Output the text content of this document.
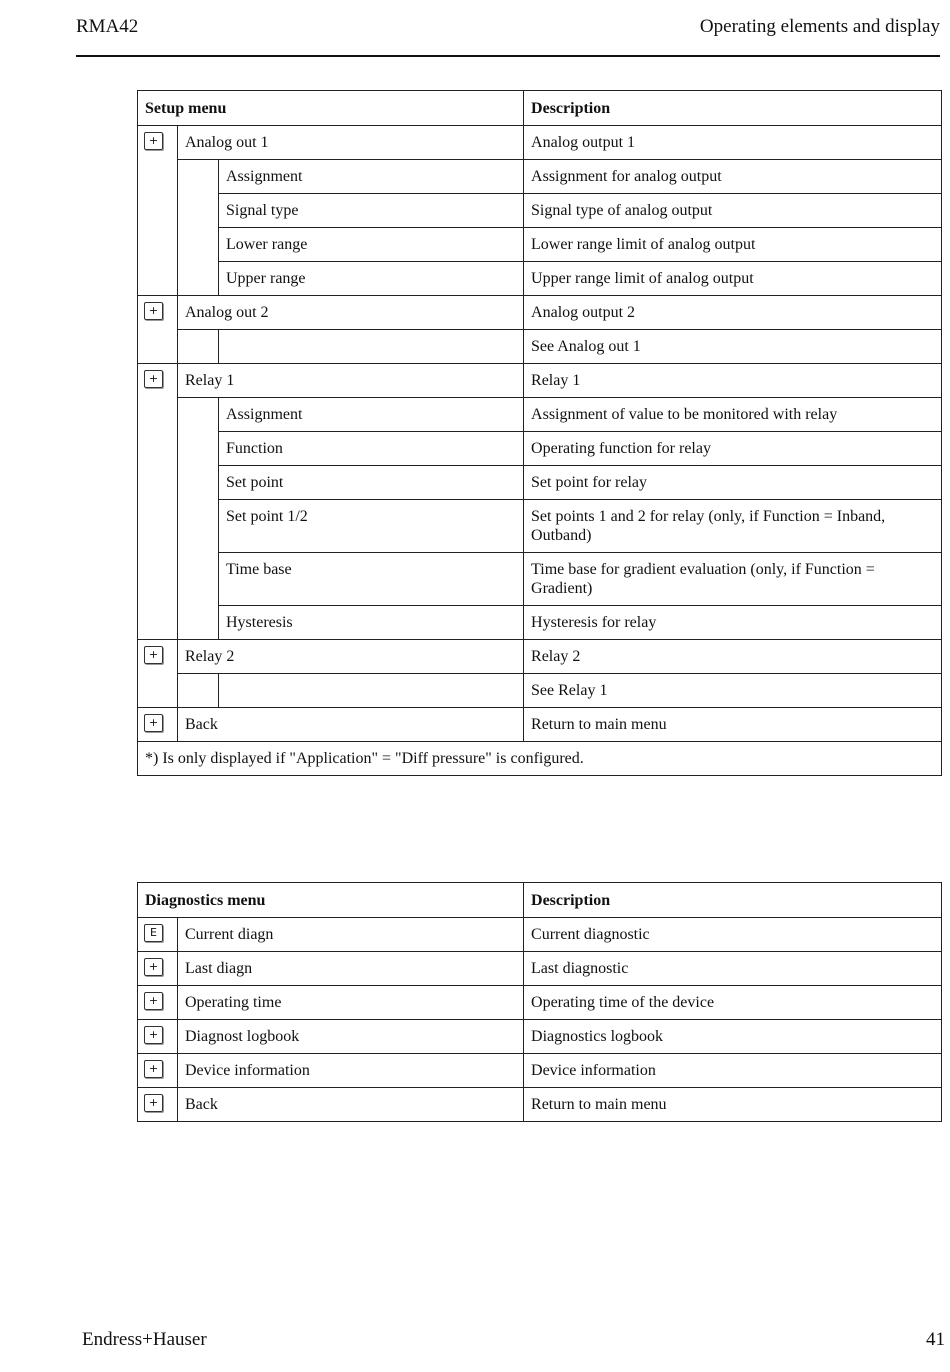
RMA42	Operating elements and display
Setup menu			Description
+	Analog out 1		Analog output 1
		Assignment	Assignment for analog output
		Signal type	Signal type of analog output
		Lower range	Lower range limit of analog output
		Upper range	Upper range limit of analog output
+	Analog out 2		Analog output 2
			See Analog out 1
+	Relay 1		Relay 1
		Assignment	Assignment of value to be monitored with relay
		Function	Operating function for relay
		Set point	Set point for relay
		Set point 1/2	Set points 1 and 2 for relay (only, if Function = Inband, Outband)
		Time base	Time base for gradient evaluation (only, if Function = Gradient)
		Hysteresis	Hysteresis for relay
+	Relay 2		Relay 2
			See Relay 1
+	Back		Return to main menu
*) Is only displayed if "Application" = "Diff pressure" is configured.			
Diagnostics menu		Description
E	Current diagn	Current diagnostic
+	Last diagn	Last diagnostic
+	Operating time	Operating time of the device
+	Diagnost logbook	Diagnostics logbook
+	Device information	Device information
+	Back	Return to main menu
Endress+Hauser	41
